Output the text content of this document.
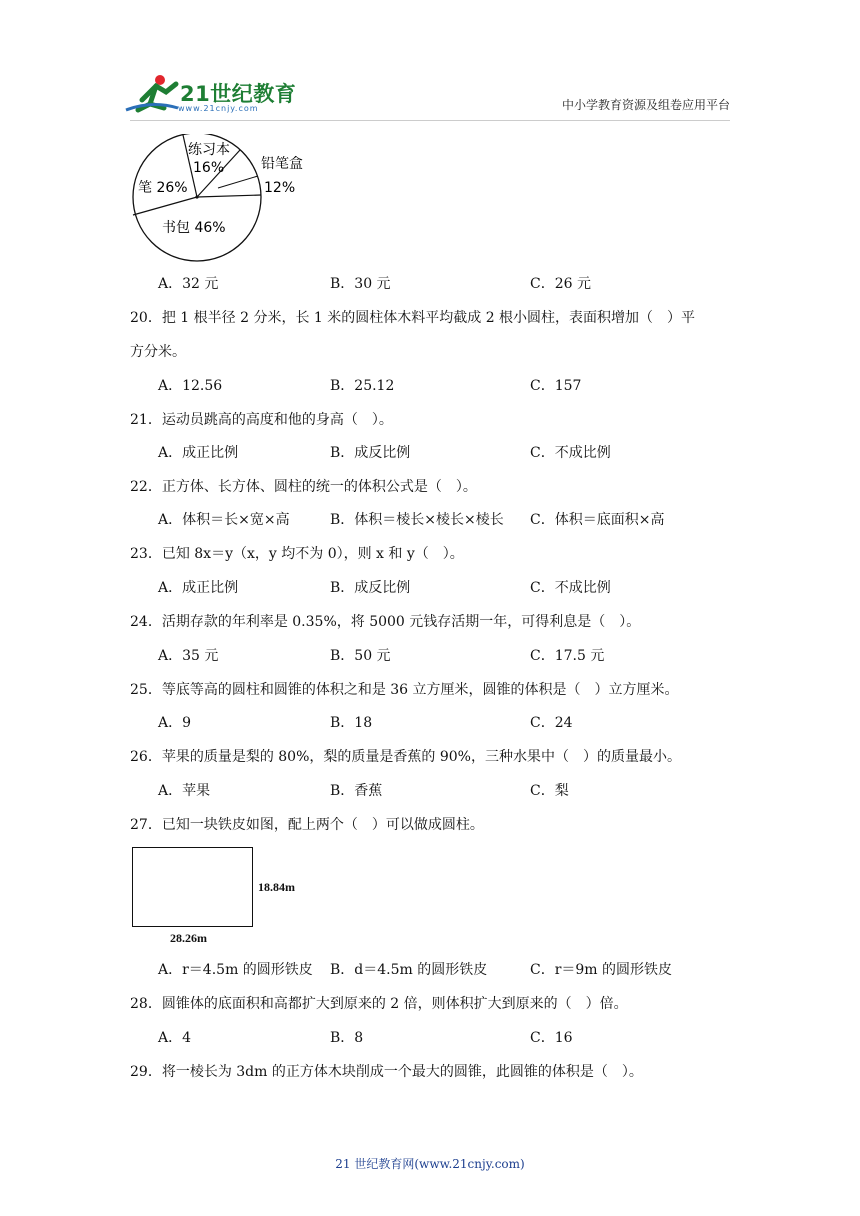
21世纪教育
www.21cnjy.com	中小学教育资源及组卷应用平台
练习本
16%	铅笔盒
12%
笔 26%
书包 46%
A．32 元	B．30 元	C．26 元
20．把 1 根半径 2 分米，长 1 米的圆柱体木料平均截成 2 根小圆柱，表面积增加（　）平
方分米。
A．12.56	B．25.12	C．157
21．运动员跳高的高度和他的身高（　）。
A．成正比例	B．成反比例	C．不成比例
22．正方体、长方体、圆柱的统一的体积公式是（　）。
A．体积＝长×宽×高	B．体积＝棱长×棱长×棱长 C．体积＝底面积×高
23．已知 8x＝y（x，y 均不为 0），则 x 和 y（　）。
A．成正比例	B．成反比例	C．不成比例
24．活期存款的年利率是 0.35%，将 5000 元钱存活期一年，可得利息是（　）。
A．35 元	B．50 元	C．17.5 元
25．等底等高的圆柱和圆锥的体积之和是 36 立方厘米，圆锥的体积是（　）立方厘米。
A．9	B．18	C．24
26．苹果的质量是梨的 80%，梨的质量是香蕉的 90%，三种水果中（　）的质量最小。
A．苹果	B．香蕉	C．梨
27．已知一块铁皮如图，配上两个（　）可以做成圆柱。
18.84m
28.26m
A．r＝4.5m 的圆形铁皮 B．d＝4.5m 的圆形铁皮	C．r＝9m 的圆形铁皮
28．圆锥体的底面积和高都扩大到原来的 2 倍，则体积扩大到原来的（　）倍。
A．4	B．8	C．16
29．将一棱长为 3dm 的正方体木块削成一个最大的圆锥，此圆锥的体积是（　）。
21 世纪教育网(www.21cnjy.com)
